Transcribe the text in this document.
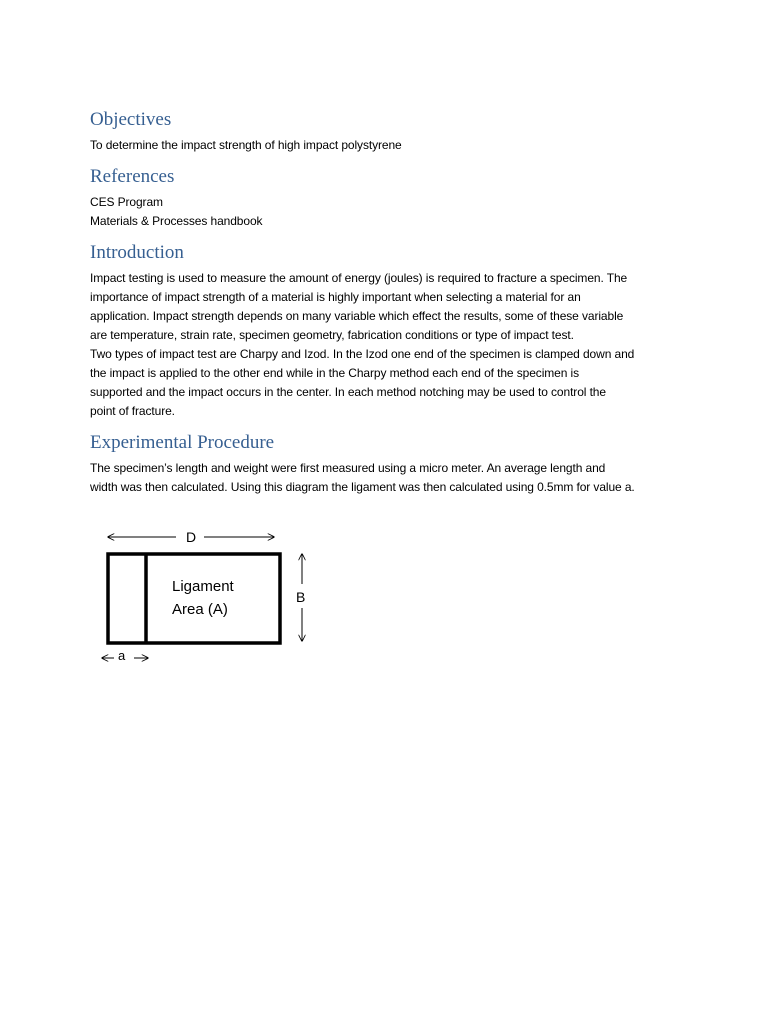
Objectives

To determine the impact strength of high impact polystyrene

References

CES Program
Materials & Processes handbook

Introduction

Impact testing is used to measure the amount of energy (joules) is required to fracture a specimen. The
importance of impact strength of a material is highly important when selecting a material for an
application. Impact strength depends on many variable which effect the results, some of these variable
are temperature, strain rate, specimen geometry, fabrication conditions or type of impact test.

Two types of impact test are Charpy and Izod. In the Izod one end of the specimen is clamped down and
the impact is applied to the other end while in the Charpy method each end of the specimen is
supported and the impact occurs in the center. In each method notching may be used to control the
point of fracture.

Experimental Procedure

The specimen’s length and weight were first measured using a micro meter. An average length and
width was then calculated. Using this diagram the ligament was then calculated using 0.5mm for value a.

D
Ligament
Area (A)
B
a
